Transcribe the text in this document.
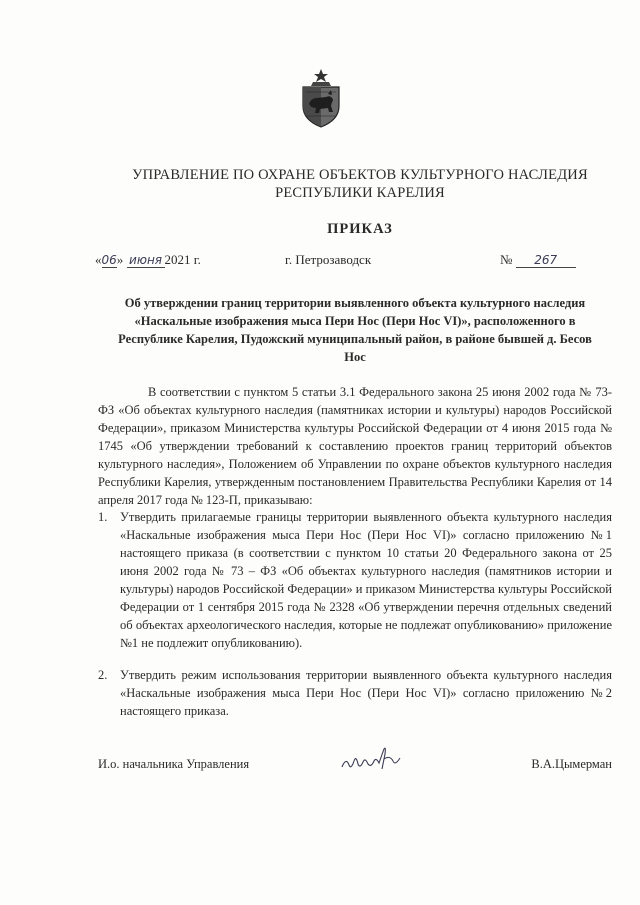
УПРАВЛЕНИЕ ПО ОХРАНЕ ОБЪЕКТОВ КУЛЬТУРНОГО НАСЛЕДИЯ
РЕСПУБЛИКИ КАРЕЛИЯ
ПРИКАЗ
«06» июня 2021 г.	г. Петрозаводск	№ 267
Об утверждении границ территории выявленного объекта культурного наследия «Наскальные изображения мыса Пери Нос (Пери Нос VI)», расположенного в Республике Карелия, Пудожский муниципальный район, в районе бывшей д. Бесов Нос
В соответствии с пунктом 5 статьи 3.1 Федерального закона 25 июня 2002 года № 73-ФЗ «Об объектах культурного наследия (памятниках истории и культуры) народов Российской Федерации», приказом Министерства культуры Российской Федерации от 4 июня 2015 года № 1745 «Об утверждении требований к составлению проектов границ территорий объектов культурного наследия», Положением об Управлении по охране объектов культурного наследия Республики Карелия, утвержденным постановлением Правительства Республики Карелия от 14 апреля 2017 года № 123-П, приказываю:
1. Утвердить прилагаемые границы территории выявленного объекта культурного наследия «Наскальные изображения мыса Пери Нос (Пери Нос VI)» согласно приложению №1 настоящего приказа (в соответствии с пунктом 10 статьи 20 Федерального закона от 25 июня 2002 года № 73 – ФЗ «Об объектах культурного наследия (памятников истории и культуры) народов Российской Федерации» и приказом Министерства культуры Российской Федерации от 1 сентября 2015 года № 2328 «Об утверждении перечня отдельных сведений об объектах археологического наследия, которые не подлежат опубликованию» приложение №1 не подлежит опубликованию).
2. Утвердить режим использования территории выявленного объекта культурного наследия «Наскальные изображения мыса Пери Нос (Пери Нос VI)» согласно приложению №2 настоящего приказа.
И.о. начальника Управления	В.А.Цымерман
